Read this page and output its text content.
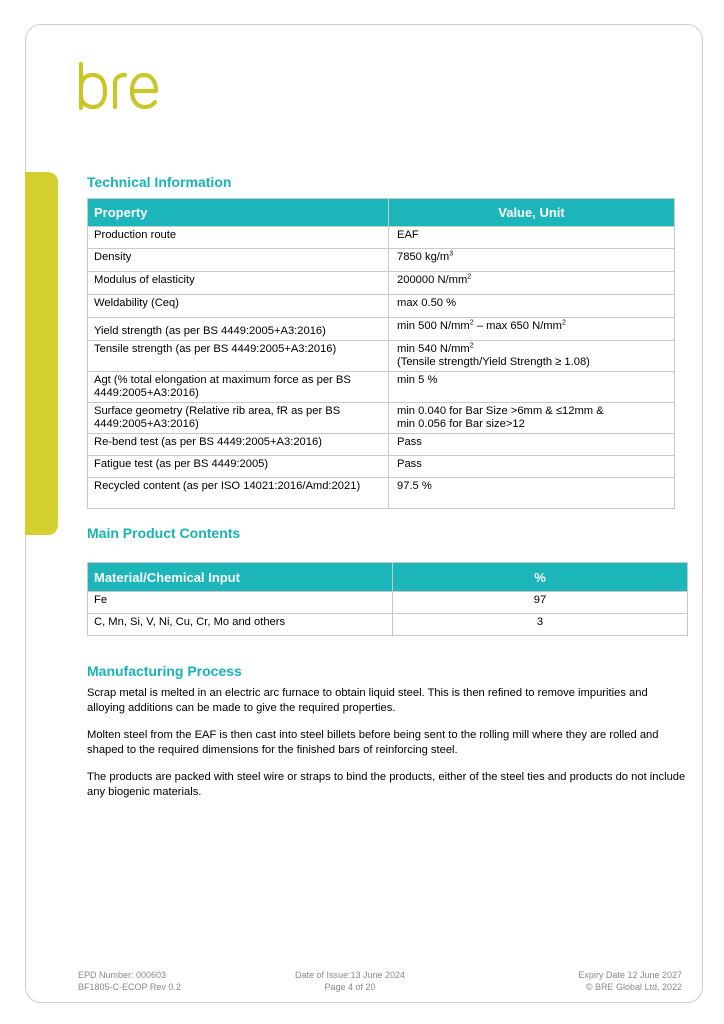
Technical Information
Property	Value, Unit
Production route	EAF
Density	7850 $kg/m^3$
Modulus of elasticity	200000 $N/mm^2$
Weldability (Ceq)	max 0.50 %
Yield strength (as per BS 4449:2005+A3:2016)	min 500 $N/mm^2$ – max 650 $N/mm^2$
Tensile strength (as per BS 4449:2005+A3:2016)	min 540 $N/mm^2$
(Tensile strength/Yield Strength ≥ 1.08)
Agt (% total elongation at maximum force as per BS 4449:2005+A3:2016)	min 5 %
Surface geometry (Relative rib area, fR as per BS 4449:2005+A3:2016)	min 0.040 for Bar Size >6mm & ≤12mm &
min 0.056 for Bar size>12
Re-bend test (as per BS 4449:2005+A3:2016)	Pass
Fatigue test (as per BS 4449:2005)	Pass
Recycled content (as per ISO 14021:2016/Amd:2021)	97.5 %
Main Product Contents
Material/Chemical Input	%
Fe	97
C, Mn, Si, V, Ni, Cu, Cr, Mo and others	3
Manufacturing Process

Scrap metal is melted in an electric arc furnace to obtain liquid steel. This is then refined to remove impurities and alloying additions can be made to give the required properties.

Molten steel from the EAF is then cast into steel billets before being sent to the rolling mill where they are rolled and shaped to the required dimensions for the finished bars of reinforcing steel.

The products are packed with steel wire or straps to bind the products, either of the steel ties and products do not include any biogenic materials.

EPD Number: 000603
BF1805-C-ECOP Rev 0.2
Date of Issue:13 June 2024
Page 4 of 20
Expiry Date 12 June 2027
© BRE Global Ltd, 2022
